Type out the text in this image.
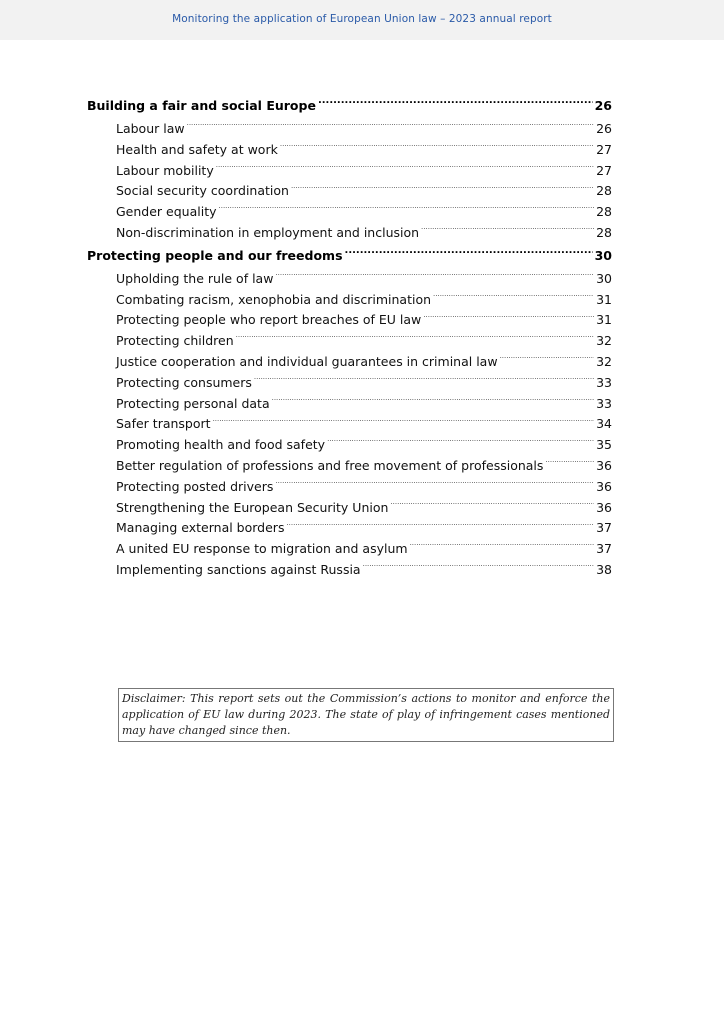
Monitoring the application of European Union law – 2023 annual report
Building a fair and social Europe .....	26
Labour law .....	26
Health and safety at work .....	27
Labour mobility .....	27
Social security coordination .....	28
Gender equality .....	28
Non-discrimination in employment and inclusion .....	28
Protecting people and our freedoms .....	30
Upholding the rule of law .....	30
Combating racism, xenophobia and discrimination .....	31
Protecting people who report breaches of EU law .....	31
Protecting children .....	32
Justice cooperation and individual guarantees in criminal law .....	32
Protecting consumers .....	33
Protecting personal data .....	33
Safer transport .....	34
Promoting health and food safety .....	35
Better regulation of professions and free movement of professionals .....	36
Protecting posted drivers .....	36
Strengthening the European Security Union .....	36
Managing external borders .....	37
A united EU response to migration and asylum .....	37
Implementing sanctions against Russia .....	38
Disclaimer: This report sets out the Commission’s actions to monitor and enforce the application of EU law during 2023. The state of play of infringement cases mentioned may have changed since then.
